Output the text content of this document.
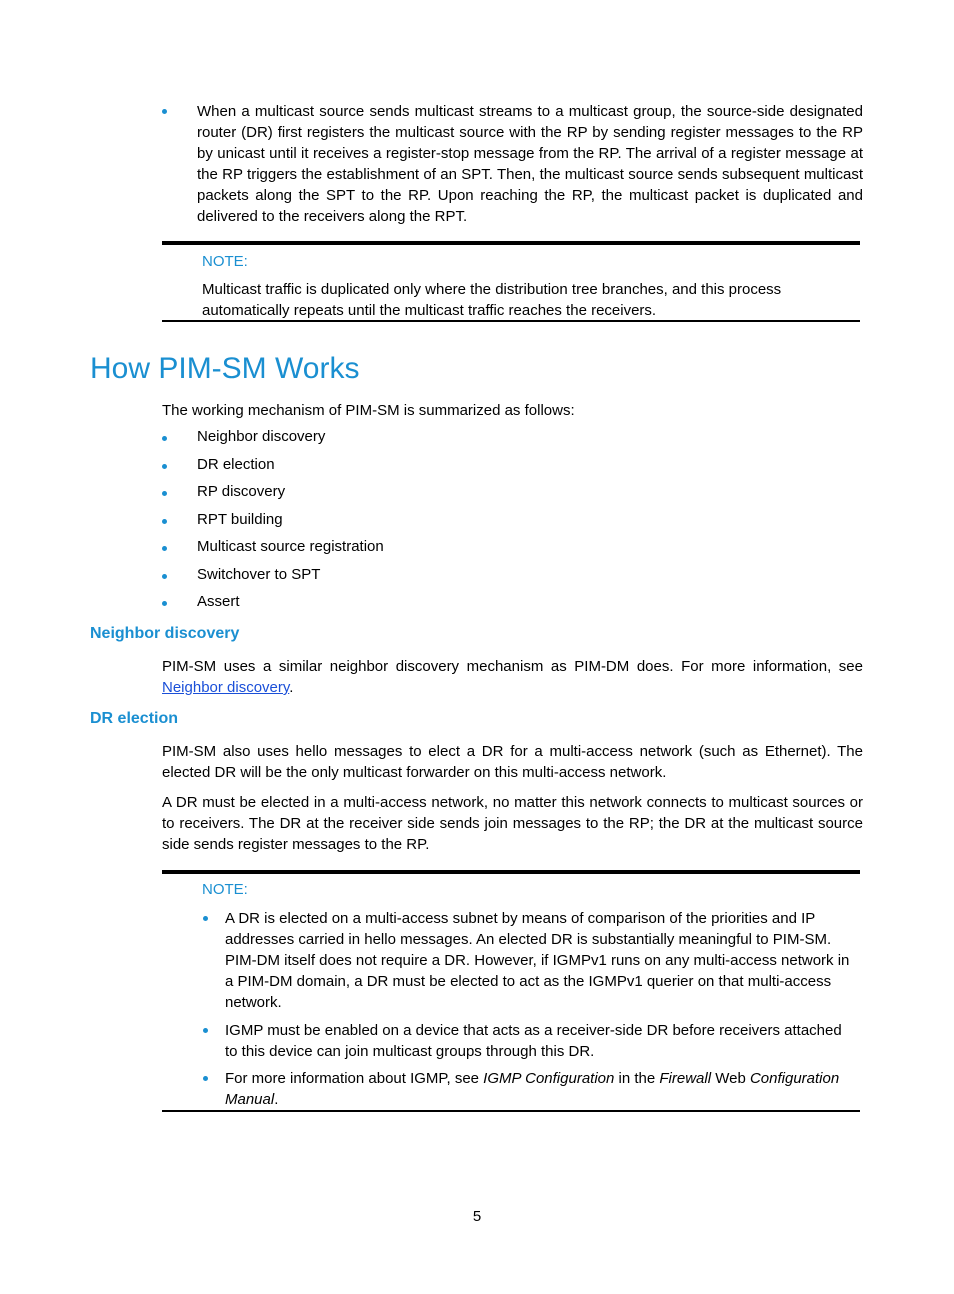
When a multicast source sends multicast streams to a multicast group, the source-side designated router (DR) first registers the multicast source with the RP by sending register messages to the RP by unicast until it receives a register-stop message from the RP. The arrival of a register message at the RP triggers the establishment of an SPT. Then, the multicast source sends subsequent multicast packets along the SPT to the RP. Upon reaching the RP, the multicast packet is duplicated and delivered to the receivers along the RPT.

NOTE:

Multicast traffic is duplicated only where the distribution tree branches, and this process automatically repeats until the multicast traffic reaches the receivers.

How PIM-SM Works

The working mechanism of PIM-SM is summarized as follows:

Neighbor discovery
DR election
RP discovery
RPT building
Multicast source registration
Switchover to SPT
Assert
Neighbor discovery

PIM-SM uses a similar neighbor discovery mechanism as PIM-DM does. For more information, see Neighbor discovery.

DR election

PIM-SM also uses hello messages to elect a DR for a multi-access network (such as Ethernet). The elected DR will be the only multicast forwarder on this multi-access network.

A DR must be elected in a multi-access network, no matter this network connects to multicast sources or to receivers. The DR at the receiver side sends join messages to the RP; the DR at the multicast source side sends register messages to the RP.

NOTE:

A DR is elected on a multi-access subnet by means of comparison of the priorities and IP addresses carried in hello messages. An elected DR is substantially meaningful to PIM-SM. PIM-DM itself does not require a DR. However, if IGMPv1 runs on any multi-access network in a PIM-DM domain, a DR must be elected to act as the IGMPv1 querier on that multi-access network.

IGMP must be enabled on a device that acts as a receiver-side DR before receivers attached to this device can join multicast groups through this DR.

For more information about IGMP, see IGMP Configuration in the Firewall Web Configuration Manual.

5
